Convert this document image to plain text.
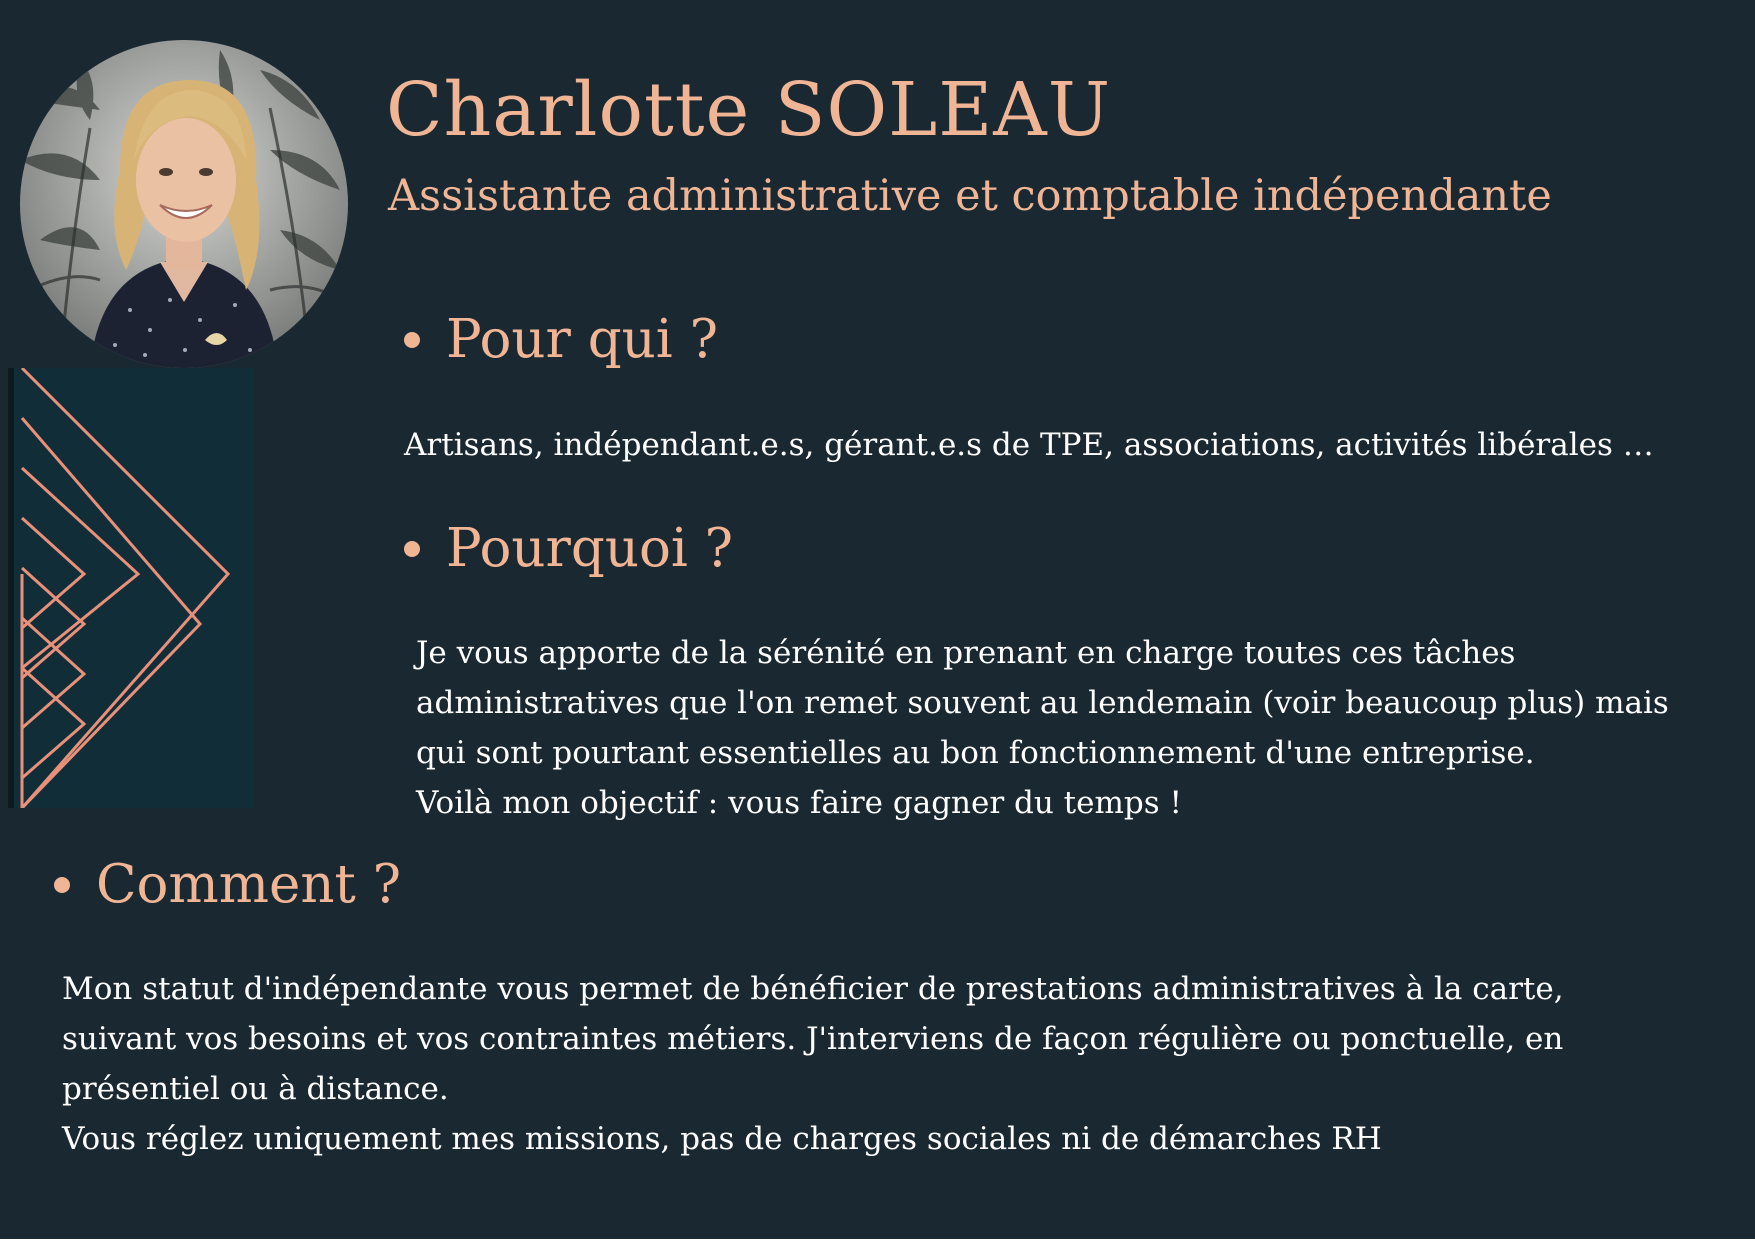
Charlotte SOLEAU
Assistante administrative et comptable indépendante
Pour qui ?
Artisans, indépendant.e.s, gérant.e.s de TPE, associations, activités libérales …
Pourquoi ?
Je vous apporte de la sérénité en prenant en charge toutes ces tâches
administratives que l'on remet souvent au lendemain (voir beaucoup plus) mais
qui sont pourtant essentielles au bon fonctionnement d'une entreprise.
Voilà mon objectif : vous faire gagner du temps !
Comment ?
Mon statut d'indépendante vous permet de bénéficier de prestations administratives à la carte,
suivant vos besoins et vos contraintes métiers. J'interviens de façon régulière ou ponctuelle, en
présentiel ou à distance.
Vous réglez uniquement mes missions, pas de charges sociales ni de démarches RH
